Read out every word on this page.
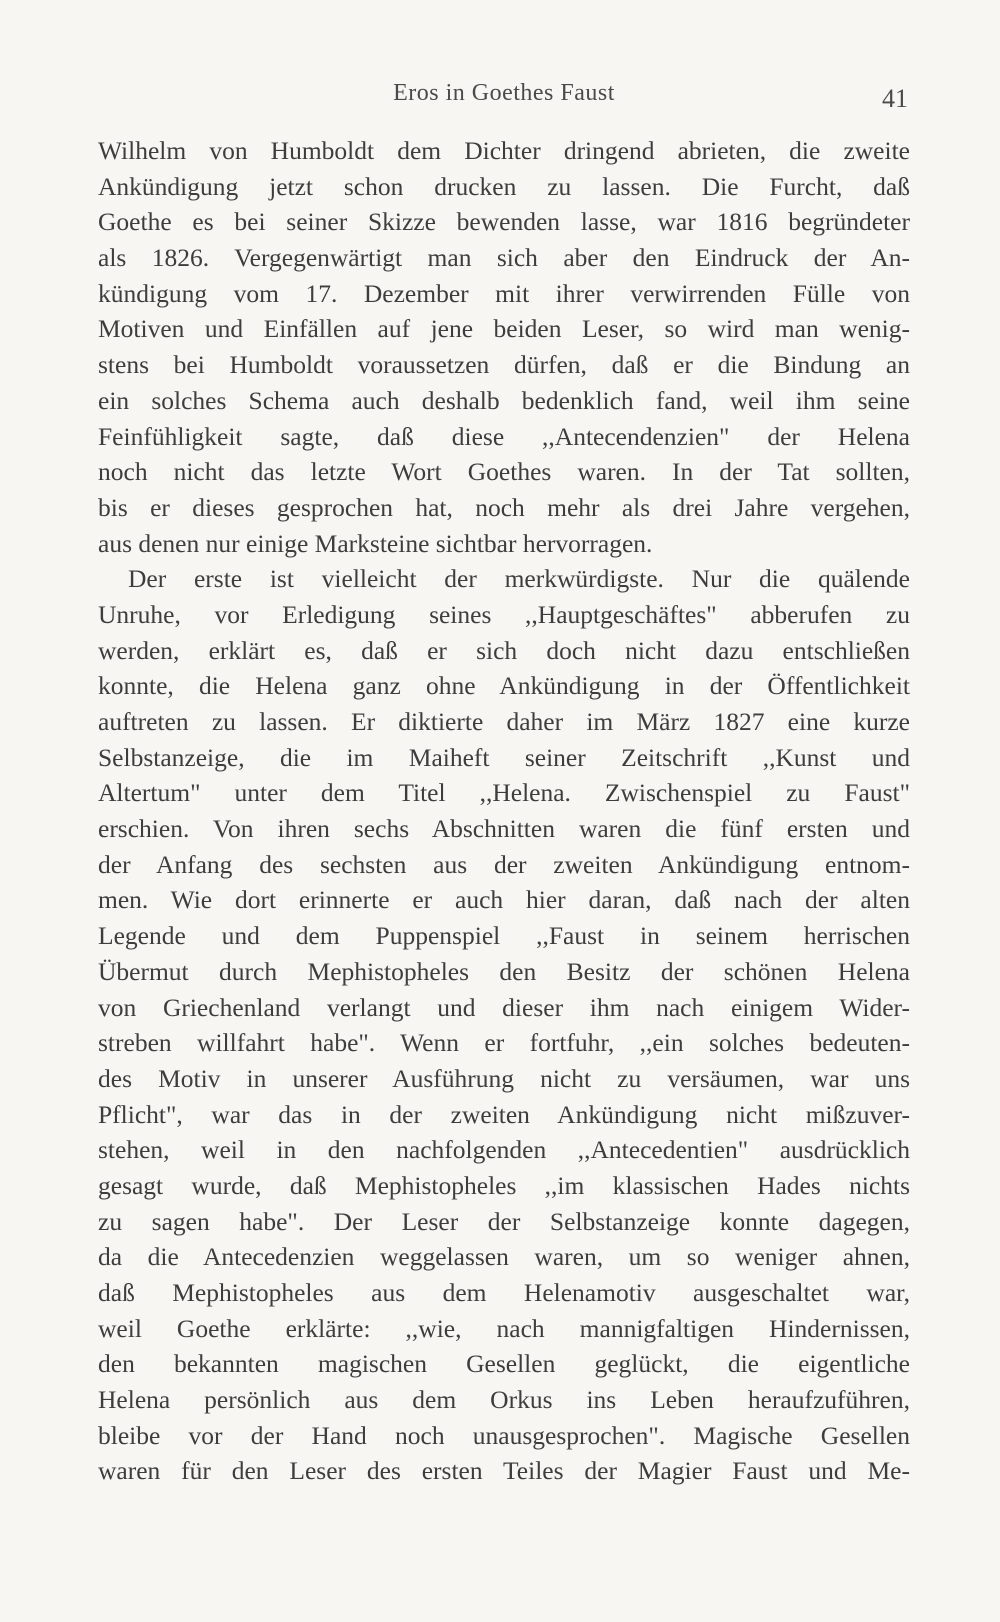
Eros in Goethes Faust	41
Wilhelm von Humboldt dem Dichter dringend abrieten, die zweite
Ankündigung jetzt schon drucken zu lassen. Die Furcht, daß
Goethe es bei seiner Skizze bewenden lasse, war 1816 begründeter
als 1826. Vergegenwärtigt man sich aber den Eindruck der An-
kündigung vom 17. Dezember mit ihrer verwirrenden Fülle von
Motiven und Einfällen auf jene beiden Leser, so wird man wenig-
stens bei Humboldt voraussetzen dürfen, daß er die Bindung an
ein solches Schema auch deshalb bedenklich fand, weil ihm seine
Feinfühligkeit sagte, daß diese ,,Antecendenzien" der Helena
noch nicht das letzte Wort Goethes waren. In der Tat sollten,
bis er dieses gesprochen hat, noch mehr als drei Jahre vergehen,
aus denen nur einige Marksteine sichtbar hervorragen.
Der erste ist vielleicht der merkwürdigste. Nur die quälende
Unruhe, vor Erledigung seines ,,Hauptgeschäftes" abberufen zu
werden, erklärt es, daß er sich doch nicht dazu entschließen
konnte, die Helena ganz ohne Ankündigung in der Öffentlichkeit
auftreten zu lassen. Er diktierte daher im März 1827 eine kurze
Selbstanzeige, die im Maiheft seiner Zeitschrift ,,Kunst und
Altertum" unter dem Titel ,,Helena. Zwischenspiel zu Faust"
erschien. Von ihren sechs Abschnitten waren die fünf ersten und
der Anfang des sechsten aus der zweiten Ankündigung entnom-
men. Wie dort erinnerte er auch hier daran, daß nach der alten
Legende und dem Puppenspiel ,,Faust in seinem herrischen
Übermut durch Mephistopheles den Besitz der schönen Helena
von Griechenland verlangt und dieser ihm nach einigem Wider-
streben willfahrt habe". Wenn er fortfuhr, ,,ein solches bedeuten-
des Motiv in unserer Ausführung nicht zu versäumen, war uns
Pflicht", war das in der zweiten Ankündigung nicht mißzuver-
stehen, weil in den nachfolgenden ,,Antecedentien" ausdrücklich
gesagt wurde, daß Mephistopheles ,,im klassischen Hades nichts
zu sagen habe". Der Leser der Selbstanzeige konnte dagegen,
da die Antecedenzien weggelassen waren, um so weniger ahnen,
daß Mephistopheles aus dem Helenamotiv ausgeschaltet war,
weil Goethe erklärte: ,,wie, nach mannigfaltigen Hindernissen,
den bekannten magischen Gesellen geglückt, die eigentliche
Helena persönlich aus dem Orkus ins Leben heraufzuführen,
bleibe vor der Hand noch unausgesprochen". Magische Gesellen
waren für den Leser des ersten Teiles der Magier Faust und Me-
